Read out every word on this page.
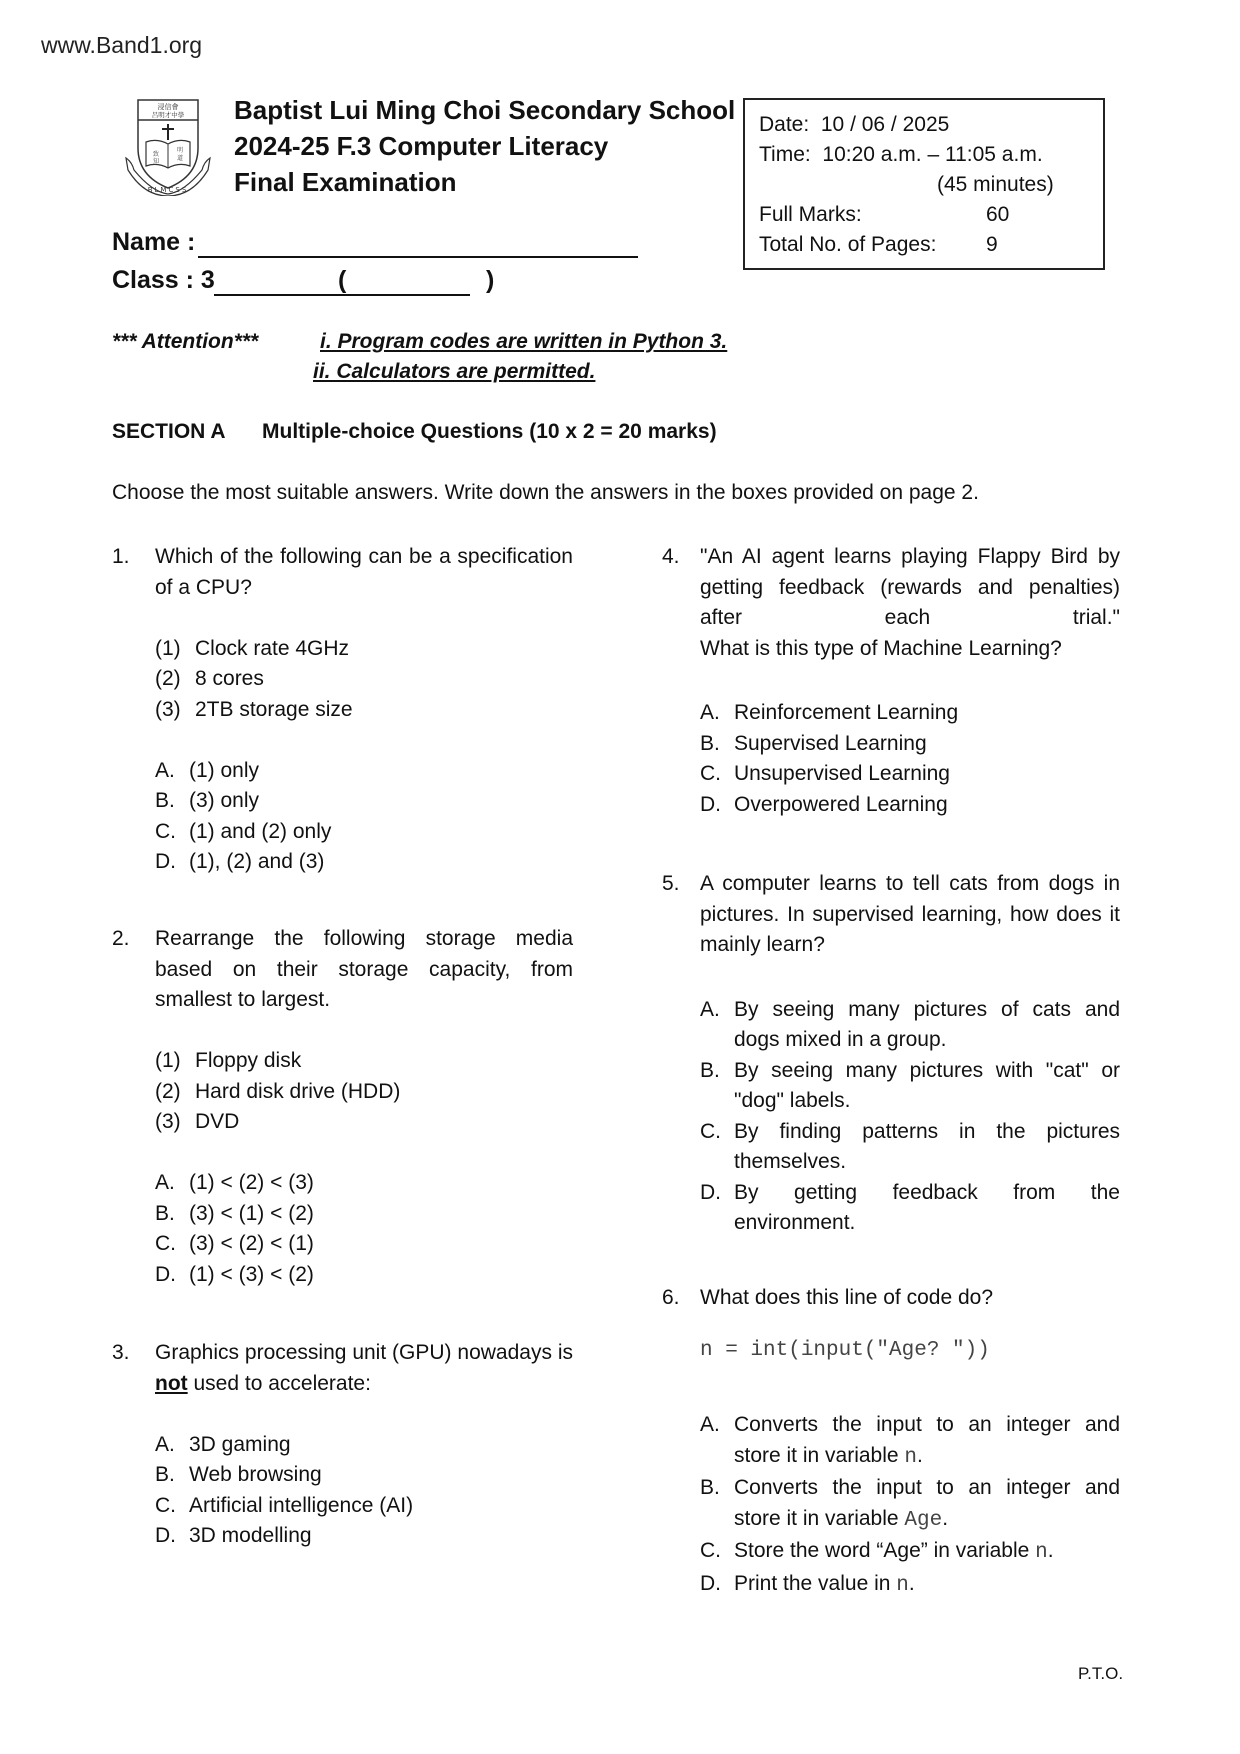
www.Band1.org
浸信會
呂明才中學
致
知
明
道
BLMCSS
Baptist Lui Ming Choi Secondary School
2024-25 F.3 Computer Literacy
Final Examination
Date: 10 / 06 / 2025
Time: 10:20 a.m. – 11:05 a.m.
(45 minutes)
Full Marks:	60
Total No. of Pages: 9
Name :
Class : 3	(	)
*** Attention***	i. Program codes are written in Python 3.
ii. Calculators are permitted.
SECTION A Multiple-choice Questions (10 x 2 = 20 marks)
Choose the most suitable answers. Write down the answers in the boxes provided on page 2.
1. Which of the following can be a specification of a CPU?
(1) Clock rate 4GHz
(2) 8 cores
(3) 2TB storage size
A. (1) only
B. (3) only
C. (1) and (2) only
D. (1), (2) and (3)
2. Rearrange the following storage media based on their storage capacity, from smallest to largest.
(1) Floppy disk
(2) Hard disk drive (HDD)
(3) DVD
A. (1) < (2) < (3)
B. (3) < (1) < (2)
C. (3) < (2) < (1)
D. (1) < (3) < (2)
3. Graphics processing unit (GPU) nowadays is not used to accelerate:
A. 3D gaming
B. Web browsing
C. Artificial intelligence (AI)
D. 3D modelling
4. "An AI agent learns playing Flappy Bird by getting feedback (rewards and penalties) after each trial."
What is this type of Machine Learning?
A. Reinforcement Learning
B. Supervised Learning
C. Unsupervised Learning
D. Overpowered Learning
5. A computer learns to tell cats from dogs in pictures. In supervised learning, how does it mainly learn?
A. By seeing many pictures of cats and dogs mixed in a group.
B. By seeing many pictures with "cat" or "dog" labels.
C. By finding patterns in the pictures themselves.
D. By getting feedback from the environment.
6. What does this line of code do?
n = int(input("Age? "))
A. Converts the input to an integer and store it in variable n.
B. Converts the input to an integer and store it in variable Age.
C. Store the word “Age” in variable n.
D. Print the value in n.
P.T.O.
